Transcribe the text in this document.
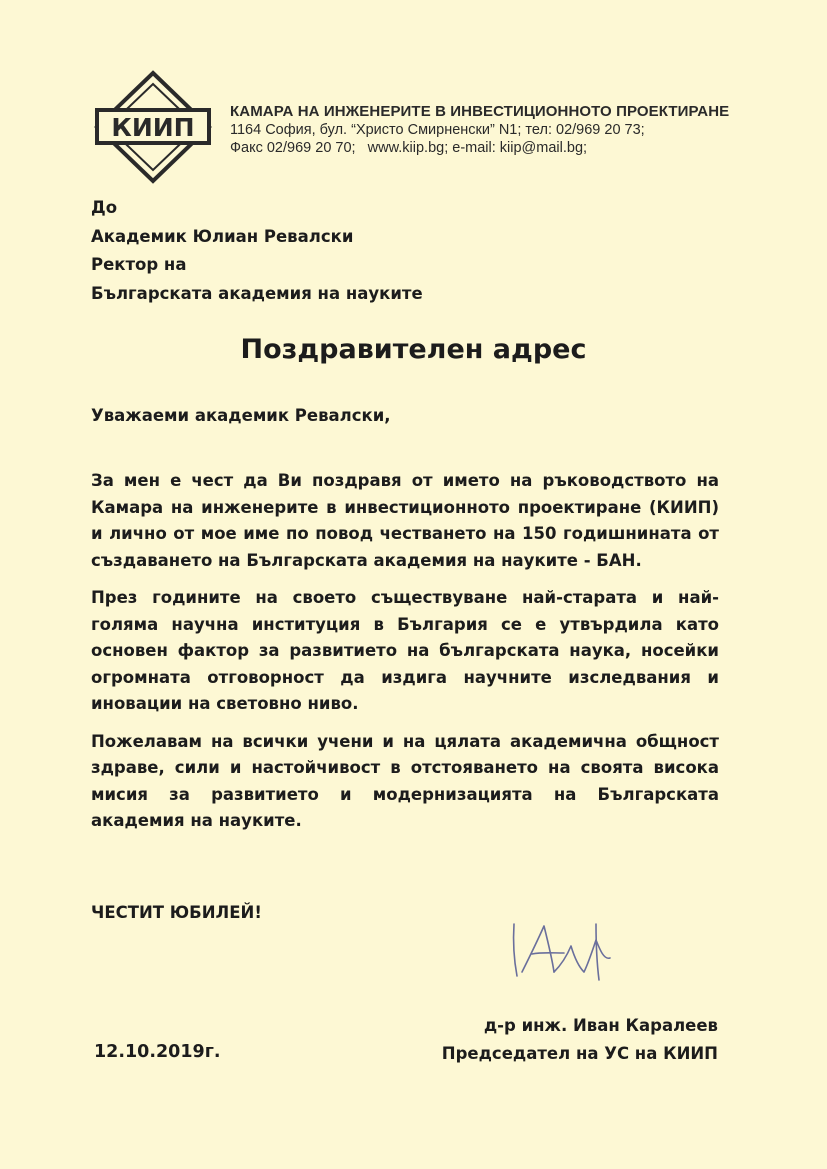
КИИП
КАМАРА НА ИНЖЕНЕРИТЕ В ИНВЕСТИЦИОННОТО ПРОЕКТИРАНЕ
1164 София, бул. “Христо Смирненски” N1; тел: 02/969 20 73;
Факс 02/969 20 70;   www.kiip.bg; e-mail: kiip@mail.bg;
До
Академик Юлиан Ревалски
Ректор на
Българската академия на науките
Поздравителен адрес
Уважаеми академик Ревалски,

За мен е чест да Ви поздравя от името на ръководството на Камара на инженерите в инвестиционното проектиране (КИИП) и лично от мое име по повод честването на 150 годишнината от създаването на Българската академия на науките - БАН.

През годините на своето съществуване най-старата и най-голяма научна институция в България се е утвърдила като основен фактор за развитието на българската наука, носейки огромната отговорност да издига научните изследвания и иновации на световно ниво.

Пожелавам на всички учени и на цялата академична общност здраве, сили и настойчивост в отстояването на своята висока мисия за развитието и модернизацията на Българската академия на науките.

ЧЕСТИТ ЮБИЛЕЙ!
д-р инж. Иван Каралеев
Председател на УС на КИИП
12.10.2019г.
